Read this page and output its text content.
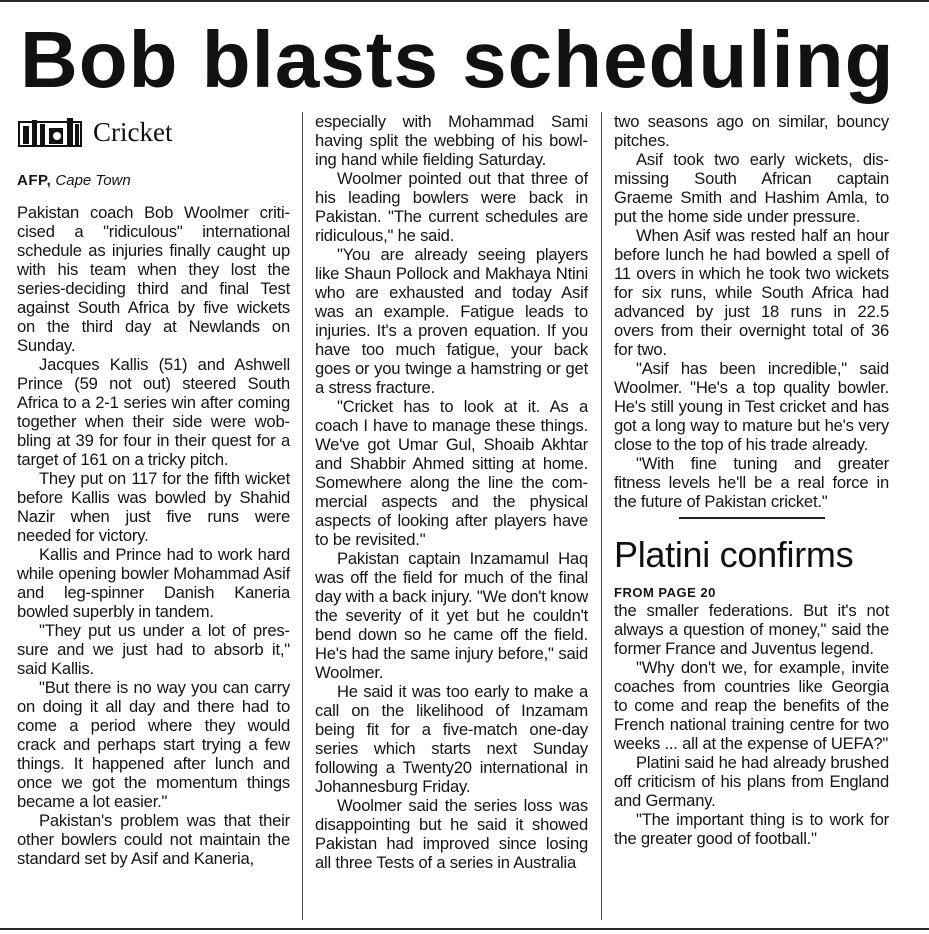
Bob blasts scheduling
Cricket
AFP, Cape Town

Pakistan coach Bob Woolmer criticised a "ridiculous" international schedule as injuries finally caught up with his team when they lost the series-deciding third and final Test against South Africa by five wickets on the third day at Newlands on Sunday.

Jacques Kallis (51) and Ashwell Prince (59 not out) steered South Africa to a 2-1 series win after coming together when their side were wobbling at 39 for four in their quest for a target of 161 on a tricky pitch.

They put on 117 for the fifth wicket before Kallis was bowled by Shahid Nazir when just five runs were needed for victory.

Kallis and Prince had to work hard while opening bowler Mohammad Asif and leg-spinner Danish Kaneria bowled superbly in tandem.

"They put us under a lot of pressure and we just had to absorb it," said Kallis.

"But there is no way you can carry on doing it all day and there had to come a period where they would crack and perhaps start trying a few things. It happened after lunch and once we got the momentum things became a lot easier."

Pakistan's problem was that their other bowlers could not maintain the standard set by Asif and Kaneria,

especially with Mohammad Sami having split the webbing of his bowling hand while fielding Saturday.

Woolmer pointed out that three of his leading bowlers were back in Pakistan. "The current schedules are ridiculous," he said.

"You are already seeing players like Shaun Pollock and Makhaya Ntini who are exhausted and today Asif was an example. Fatigue leads to injuries. It's a proven equation. If you have too much fatigue, your back goes or you twinge a hamstring or get a stress fracture.

"Cricket has to look at it. As a coach I have to manage these things. We've got Umar Gul, Shoaib Akhtar and Shabbir Ahmed sitting at home. Somewhere along the line the commercial aspects and the physical aspects of looking after players have to be revisited."

Pakistan captain Inzamamul Haq was off the field for much of the final day with a back injury. "We don't know the severity of it yet but he couldn't bend down so he came off the field. He's had the same injury before," said Woolmer.

He said it was too early to make a call on the likelihood of Inzamam being fit for a five-match one-day series which starts next Sunday following a Twenty20 international in Johannesburg Friday.

Woolmer said the series loss was disappointing but he said it showed Pakistan had improved since losing all three Tests of a series in Australia

two seasons ago on similar, bouncy pitches.

Asif took two early wickets, dismissing South African captain Graeme Smith and Hashim Amla, to put the home side under pressure.

When Asif was rested half an hour before lunch he had bowled a spell of 11 overs in which he took two wickets for six runs, while South Africa had advanced by just 18 runs in 22.5 overs from their overnight total of 36 for two.

"Asif has been incredible," said Woolmer. "He's a top quality bowler. He's still young in Test cricket and has got a long way to mature but he's very close to the top of his trade already.

"With fine tuning and greater fitness levels he'll be a real force in the future of Pakistan cricket."

Platini confirms
FROM PAGE 20
the smaller federations. But it's not always a question of money," said the former France and Juventus legend.

"Why don't we, for example, invite coaches from countries like Georgia to come and reap the benefits of the French national training centre for two weeks ... all at the expense of UEFA?"

Platini said he had already brushed off criticism of his plans from England and Germany.

"The important thing is to work for the greater good of football."
